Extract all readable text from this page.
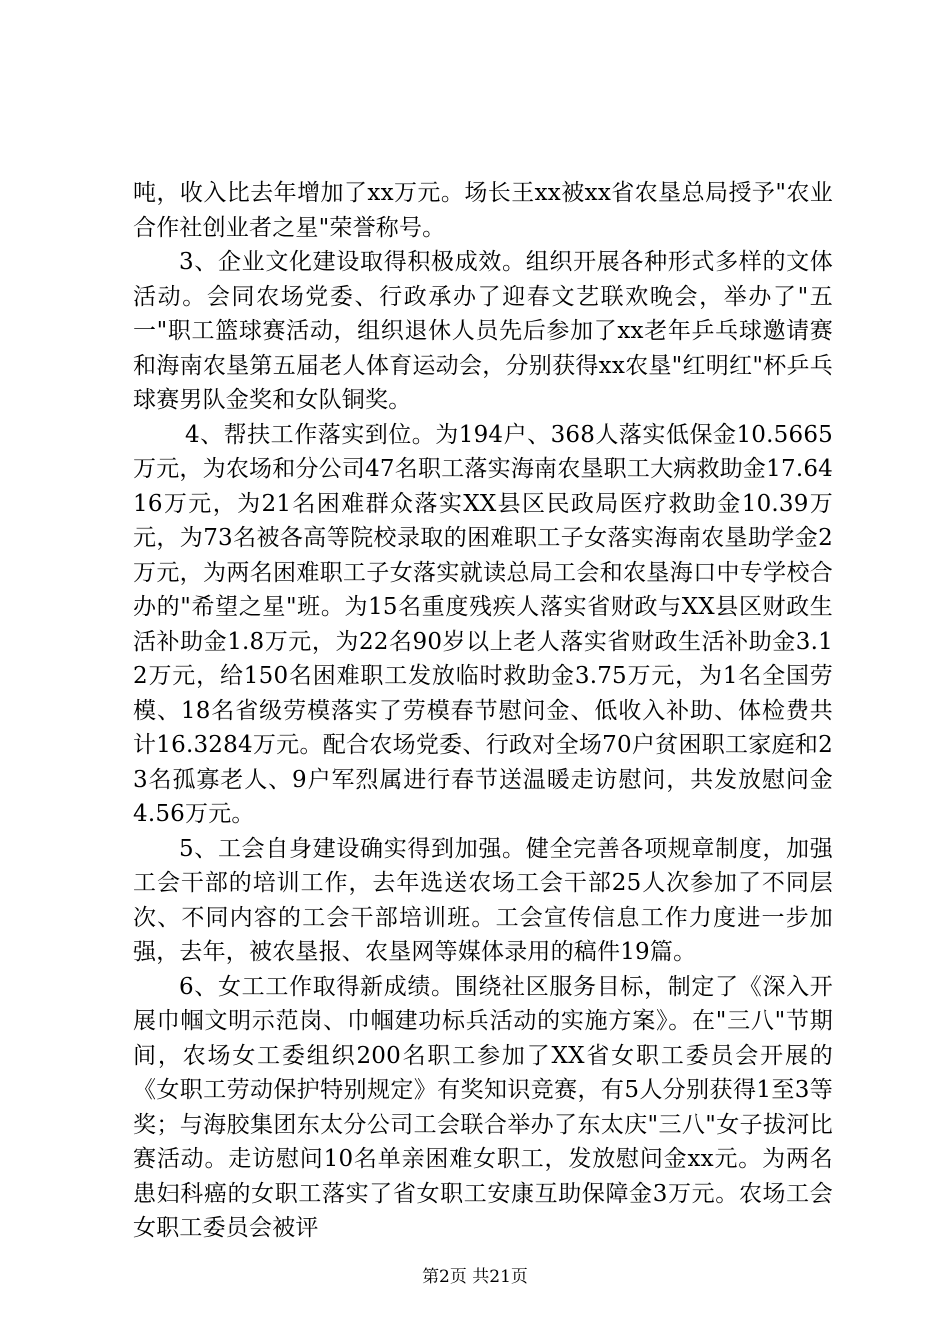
吨，收入比去年增加了xx万元。场长王xx被xx省农垦总局授予"农业合作社创业者之星"荣誉称号。

3、企业文化建设取得积极成效。组织开展各种形式多样的文体活动。会同农场党委、行政承办了迎春文艺联欢晚会，举办了"五一"职工篮球赛活动，组织退休人员先后参加了xx老年乒乓球邀请赛和海南农垦第五届老人体育运动会，分别获得xx农垦"红明红"杯乒乓球赛男队金奖和女队铜奖。

4、帮扶工作落实到位。为194户、368人落实低保金10.5665万元，为农场和分公司47名职工落实海南农垦职工大病救助金17.6416万元，为21名困难群众落实XX县区民政局医疗救助金10.39万元，为73名被各高等院校录取的困难职工子女落实海南农垦助学金2万元，为两名困难职工子女落实就读总局工会和农垦海口中专学校合办的"希望之星"班。为15名重度残疾人落实省财政与XX县区财政生活补助金1.8万元，为22名90岁以上老人落实省财政生活补助金3.12万元，给150名困难职工发放临时救助金3.75万元，为1名全国劳模、18名省级劳模落实了劳模春节慰问金、低收入补助、体检费共计16.3284万元。配合农场党委、行政对全场70户贫困职工家庭和23名孤寡老人、9户军烈属进行春节送温暖走访慰问，共发放慰问金4.56万元。

5、工会自身建设确实得到加强。健全完善各项规章制度，加强工会干部的培训工作，去年选送农场工会干部25人次参加了不同层次、不同内容的工会干部培训班。工会宣传信息工作力度进一步加强，去年，被农垦报、农垦网等媒体录用的稿件19篇。

6、女工工作取得新成绩。围绕社区服务目标，制定了《深入开展巾帼文明示范岗、巾帼建功标兵活动的实施方案》。在"三八"节期间，农场女工委组织200名职工参加了XX省女职工委员会开展的《女职工劳动保护特别规定》有奖知识竞赛，有5人分别获得1至3等奖；与海胶集团东太分公司工会联合举办了东太庆"三八"女子拔河比赛活动。走访慰问10名单亲困难女职工，发放慰问金xx元。为两名患妇科癌的女职工落实了省女职工安康互助保障金3万元。农场工会女职工委员会被评

第2页 共21页
